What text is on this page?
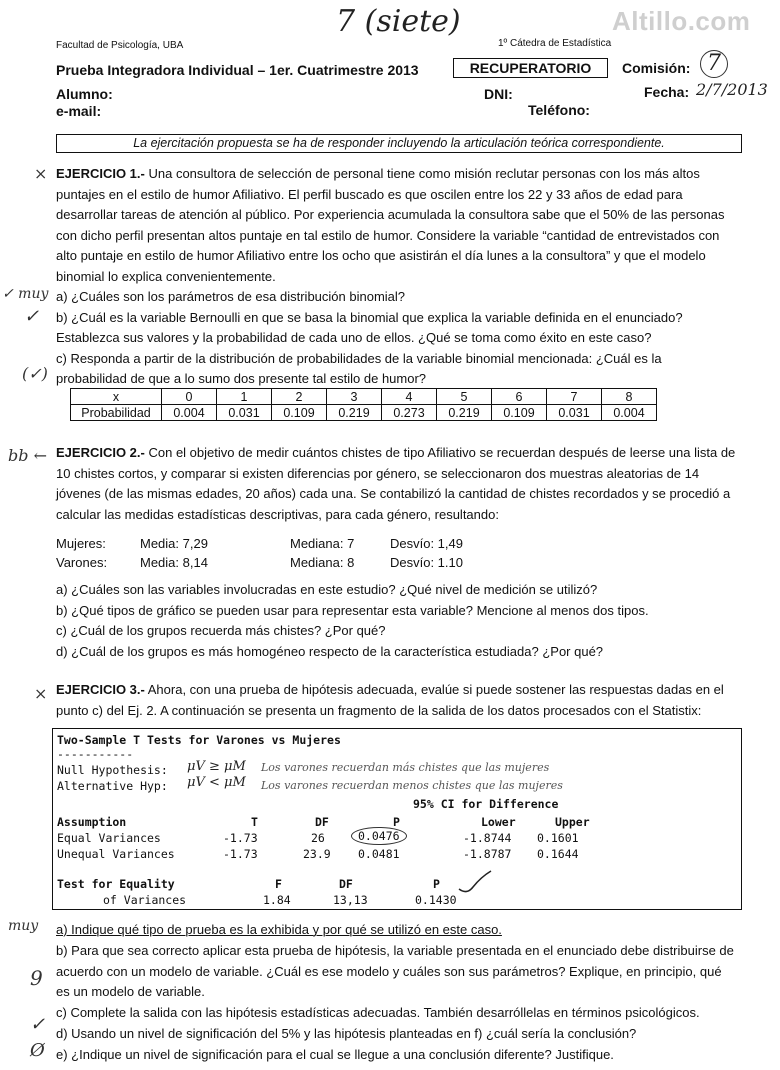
Altillo.com
7 (siete)
Facultad de Psicología, UBA	1º Cátedra de Estadística
Prueba Integradora Individual – 1er. Cuatrimestre 2013	RECUPERATORIO	Comisión: 7
Alumno:
e-mail:
DNI:
Teléfono:
Fecha: 2/7/2013
La ejercitación propuesta se ha de responder incluyendo la articulación teórica correspondiente.
× EJERCICIO 1.- Una consultora de selección de personal tiene como misión reclutar personas con los más altos puntajes en el estilo de humor Afiliativo. El perfil buscado es que oscilen entre los 22 y 33 años de edad para desarrollar tareas de atención al público. Por experiencia acumulada la consultora sabe que el 50% de las personas con dicho perfil presentan altos puntaje en tal estilo de humor. Considere la variable “cantidad de entrevistados con alto puntaje en estilo de humor Afiliativo entre los ocho que asistirán el día lunes a la consultora” y que el modelo binomial lo explica convenientemente.

a) ¿Cuáles son los parámetros de esa distribución binomial?

b) ¿Cuál es la variable Bernoulli en que se basa la binomial que explica la variable definida en el enunciado? Establezca sus valores y la probabilidad de cada uno de ellos. ¿Qué se toma como éxito en este caso?

c) Responda a partir de la distribución de probabilidades de la variable binomial mencionada: ¿Cuál es la probabilidad de que a lo sumo dos presente tal estilo de humor?

✓ muy
✓
(✓)
x	0	1	2	3	4	5	6	7	8
Probabilidad	0.004	0.031	0.109	0.219	0.273	0.219	0.109	0.031	0.004
bb ← EJERCICIO 2.- Con el objetivo de medir cuántos chistes de tipo Afiliativo se recuerdan después de leerse una lista de 10 chistes cortos, y comparar si existen diferencias por género, se seleccionaron dos muestras aleatorias de 14 jóvenes (de las mismas edades, 20 años) cada una. Se contabilizó la cantidad de chistes recordados y se procedió a calcular las medidas estadísticas descriptivas, para cada género, resultando:

Mujeres:	Media: 7,29	Mediana: 7	Desvío: 1,49
Varones:	Media: 8,14	Mediana: 8	Desvío: 1.10

a) ¿Cuáles son las variables involucradas en este estudio? ¿Qué nivel de medición se utilizó?

b) ¿Qué tipos de gráfico se pueden usar para representar esta variable? Mencione al menos dos tipos.

c) ¿Cuál de los grupos recuerda más chistes? ¿Por qué?

d) ¿Cuál de los grupos es más homogéneo respecto de la característica estudiada? ¿Por qué?

× EJERCICIO 3.- Ahora, con una prueba de hipótesis adecuada, evalúe si puede sostener las respuestas dadas en el punto c) del Ej. 2. A continuación se presenta un fragmento de la salida de los datos procesados con el Statistix:

Two-Sample T Tests for Varones vs Mujeres
-----------
Null Hypothesis: μV ≥ μM Los varones recuerdan más chistes que las mujeres
Alternative Hyp: μV < μM Los varones recuerdan menos chistes que las mujeres
95% CI for Difference
Assumption	T	DF	P	Lower	Upper
Equal Variances	-1.73	26	0.0476	-1.8744 0.1601
Unequal Variances	-1.73	23.9 0.0481	-1.8787 0.1644
Test for Equality	F	DF	P
of Variances	1.84	13,13	0.1430

a) Indique qué tipo de prueba es la exhibida y por qué se utilizó en este caso.

b) Para que sea correcto aplicar esta prueba de hipótesis, la variable presentada en el enunciado debe distribuirse de acuerdo con un modelo de variable. ¿Cuál es ese modelo y cuáles son sus parámetros? Explique, en principio, qué es un modelo de variable.

c) Complete la salida con las hipótesis estadísticas adecuadas. También desarróllelas en términos psicológicos.

d) Usando un nivel de significación del 5% y las hipótesis planteadas en f) ¿cuál sería la conclusión?

e) ¿Indique un nivel de significación para el cual se llegue a una conclusión diferente? Justifique.

muy
9
✓
Ø
